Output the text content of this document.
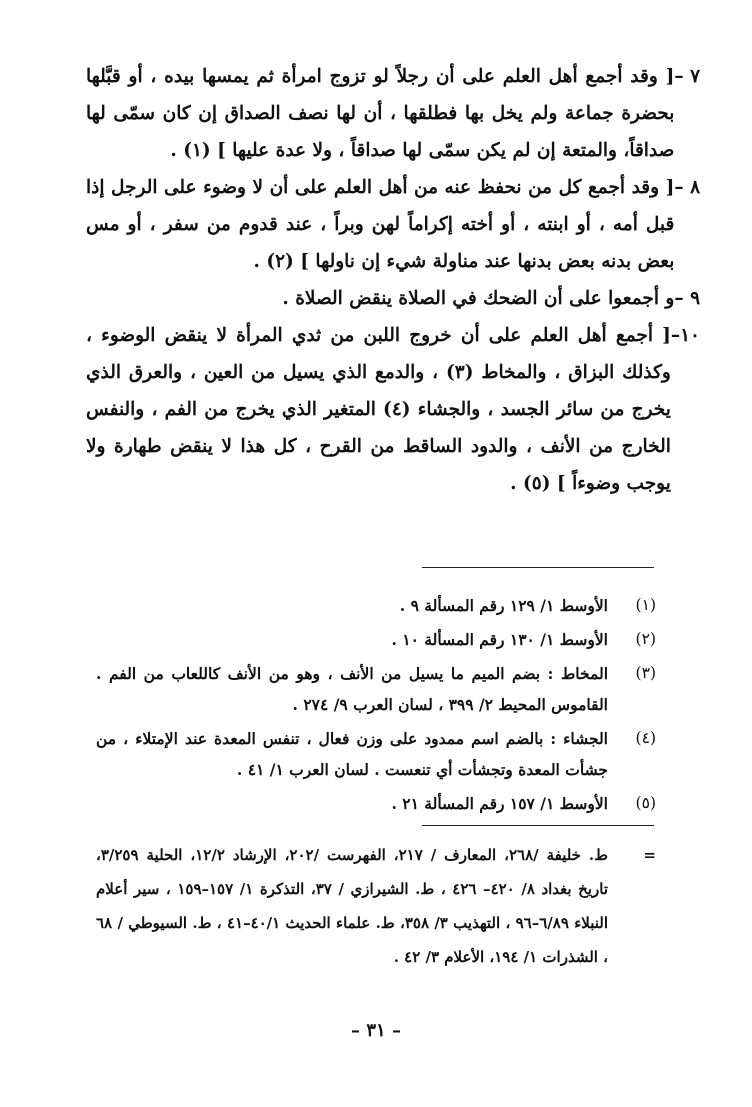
٧ –
[ وقد أجمع أهل العلم على أن رجلاً لو تزوج امرأة ثم يمسها بيده ، أو قبَّلها بحضرة جماعة ولم يخل بها فطلقها ، أن لها نصف الصداق إن كان سمّى لها صداقاً، والمتعة إن لم يكن سمّى لها صداقاً ، ولا عدة عليها ] (١) .
٨ –
[ وقد أجمع كل من نحفظ عنه من أهل العلم على أن لا وضوء على الرجل إذا قبل أمه ، أو ابنته ، أو أخته إكراماً لهن وبراً ، عند قدوم من سفر ، أو مس بعض بدنه بعض بدنها عند مناولة شيء إن ناولها ] (٢) .
٩ –
و أجمعوا على أن الضحك في الصلاة ينقض الصلاة .
١٠–
[ أجمع أهل العلم على أن خروج اللبن من ثدي المرأة لا ينقض الوضوء ، وكذلك البزاق ، والمخاط (٣) ، والدمع الذي يسيل من العين ، والعرق الذي يخرج من سائر الجسد ، والجشاء (٤) المتغير الذي يخرج من الفم ، والنفس الخارج من الأنف ، والدود الساقط من القرح ، كل هذا لا ينقض طهارة ولا يوجب وضوءاً ] (٥) .
(١)
الأوسط ١/ ١٢٩ رقم المسألة ٩ .
(٢)
الأوسط ١/ ١٣٠ رقم المسألة ١٠ .
(٣)
المخاط : بضم الميم ما يسيل من الأنف ، وهو من الأنف كاللعاب من الفم . القاموس المحيط ٢/ ٣٩٩ ، لسان العرب ٩/ ٢٧٤ .
(٤)
الجشاء : بالضم اسم ممدود على وزن فعال ، تنفس المعدة عند الإمتلاء ، من جشأت المعدة وتجشأت أي تنعست . لسان العرب ١/ ٤١ .
(٥)
الأوسط ١/ ١٥٧ رقم المسألة ٢١ .
=
ط. خليفة /٢٦٨، المعارف / ٢١٧، الفهرست /٢٠٢، الإرشاد ١٢/٢، الحلية ٣/٢٥٩، تاريخ بغداد ٨/ ٤٢٠– ٤٢٦ ، ط. الشيرازي / ٣٧، التذكرة ١/ ١٥٧–١٥٩ ، سير أعلام النبلاء ٦/٨٩–٩٦ ، التهذيب ٣/ ٣٥٨، ط. علماء الحديث ٤٠/١–٤١ ، ط. السيوطي / ٦٨ ، الشذرات ١/ ١٩٤، الأعلام ٣/ ٤٢ .
– ٣١ –
